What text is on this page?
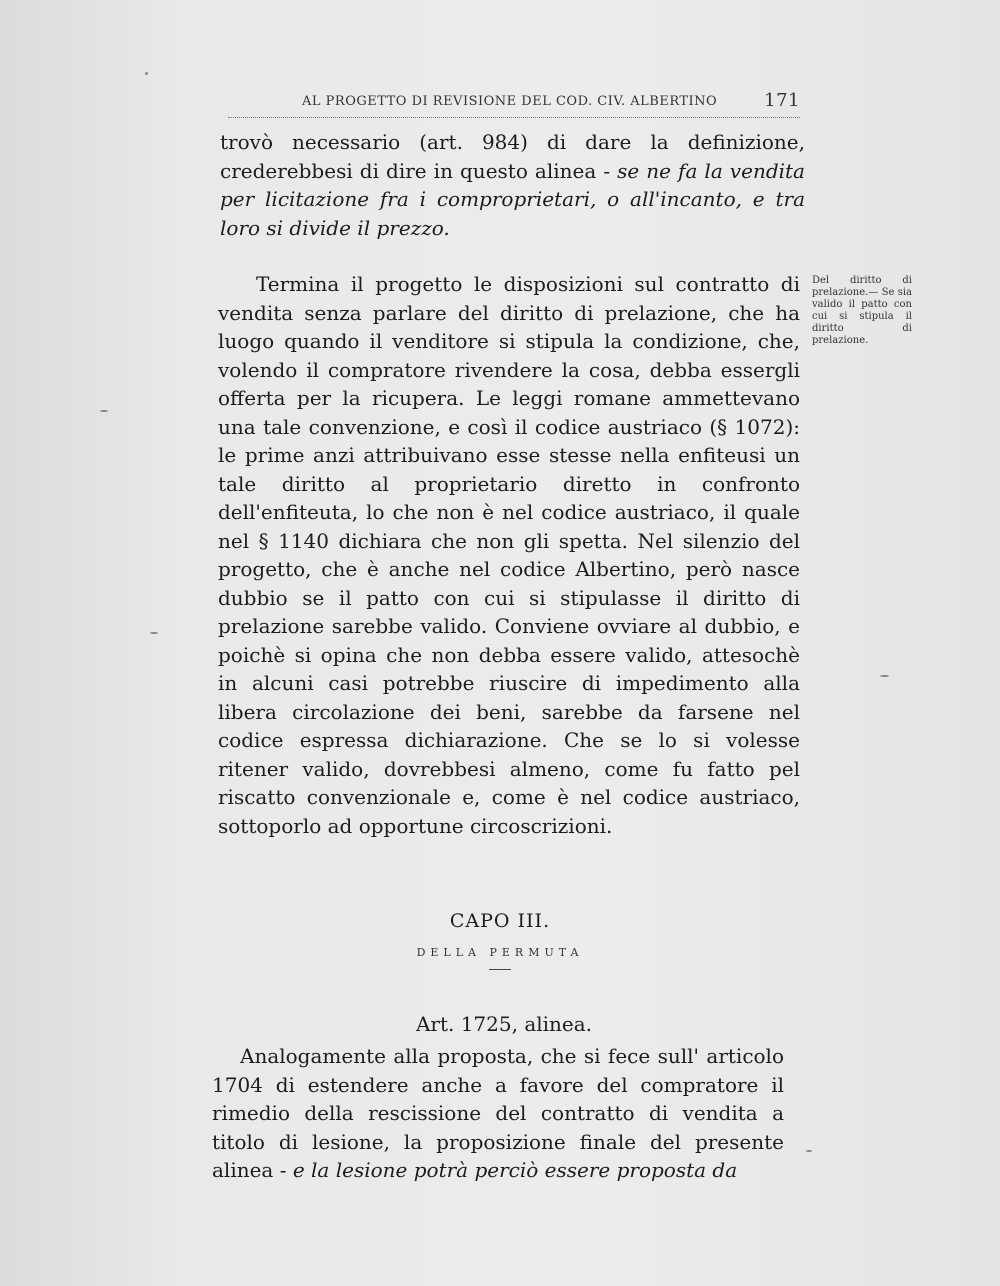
AL PROGETTO DI REVISIONE DEL COD. CIV. ALBERTINO	171

trovò necessario (art. 984) di dare la definizione, crederebbesi di dire in questo alinea - se ne fa la vendita per licitazione fra i comproprietari, o all'incanto, e tra loro si divide il prezzo.

Termina il progetto le disposizioni sul contratto di vendita senza parlare del diritto di prelazione, che ha luogo quando il venditore si stipula la condizione, che, volendo il compratore rivendere la cosa, debba essergli offerta per la ricupera. Le leggi romane ammettevano una tale convenzione, e così il codice austriaco (§ 1072): le prime anzi attribuivano esse stesse nella enfiteusi un tale diritto al proprietario diretto in confronto dell'enfiteuta, lo che non è nel codice austriaco, il quale nel § 1140 dichiara che non gli spetta. Nel silenzio del progetto, che è anche nel codice Albertino, però nasce dubbio se il patto con cui si stipulasse il diritto di prelazione sarebbe valido. Conviene ovviare al dubbio, e poichè si opina che non debba essere valido, attesochè in alcuni casi potrebbe riuscire di impedimento alla libera circolazione dei beni, sarebbe da farsene nel codice espressa dichiarazione. Che se lo si volesse ritener valido, dovrebbesi almeno, come fu fatto pel riscatto convenzionale e, come è nel codice austriaco, sottoporlo ad opportune circoscrizioni.

Del diritto di prelazione.— Se sia valido il patto con cui si stipula il diritto di prelazione.
CAPO III.
DELLA PERMUTA
Art. 1725, alinea.

Analogamente alla proposta, che si fece sull' articolo 1704 di estendere anche a favore del compratore il rimedio della rescissione del contratto di vendita a titolo di lesione, la proposizione finale del presente alinea - e la lesione potrà perciò essere proposta da
